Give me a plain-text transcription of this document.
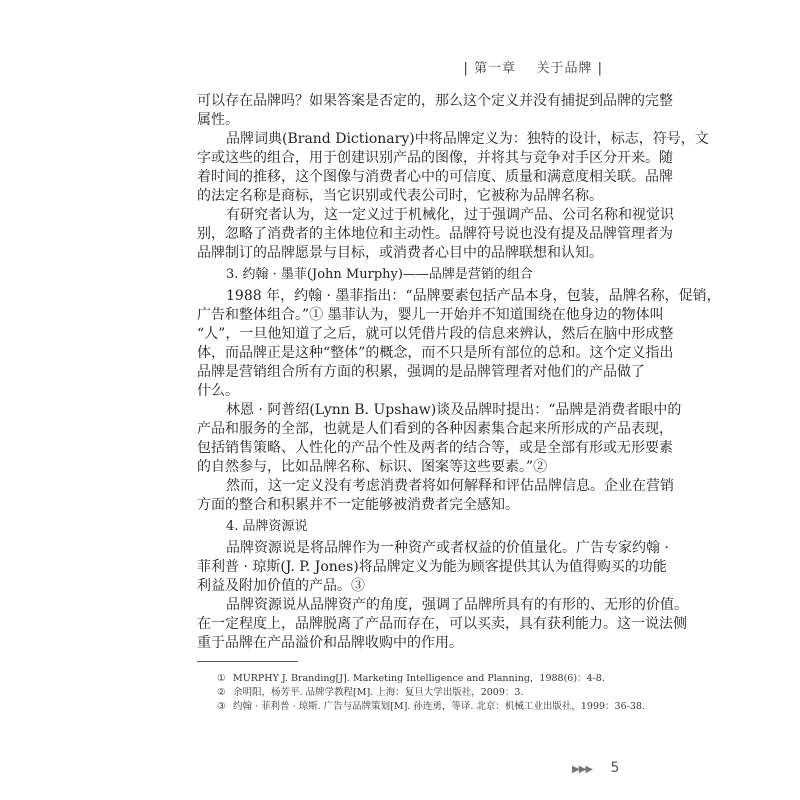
| 第一章    关于品牌 |
可以存在品牌吗？如果答案是否定的，那么这个定义并没有捕捉到品牌的完整
属性。
品牌词典(Brand Dictionary)中将品牌定义为：独特的设计，标志，符号，文
字或这些的组合，用于创建识别产品的图像，并将其与竞争对手区分开来。随
着时间的推移，这个图像与消费者心中的可信度、质量和满意度相关联。品牌
的法定名称是商标，当它识别或代表公司时，它被称为品牌名称。
有研究者认为，这一定义过于机械化，过于强调产品、公司名称和视觉识
别，忽略了消费者的主体地位和主动性。品牌符号说也没有提及品牌管理者为
品牌制订的品牌愿景与目标，或消费者心目中的品牌联想和认知。
3. 约翰 · 墨菲(John Murphy)——品牌是营销的组合
1988 年，约翰 · 墨菲指出：“品牌要素包括产品本身，包装，品牌名称，促销，
广告和整体组合。”① 墨菲认为，婴儿一开始并不知道围绕在他身边的物体叫
“人”，一旦他知道了之后，就可以凭借片段的信息来辨认，然后在脑中形成整
体，而品牌正是这种“整体”的概念，而不只是所有部位的总和。这个定义指出
品牌是营销组合所有方面的积累，强调的是品牌管理者对他们的产品做了
什么。
林恩 · 阿普绍(Lynn B. Upshaw)谈及品牌时提出：“品牌是消费者眼中的
产品和服务的全部，也就是人们看到的各种因素集合起来所形成的产品表现，
包括销售策略、人性化的产品个性及两者的结合等，或是全部有形或无形要素
的自然参与，比如品牌名称、标识、图案等这些要素。”②
然而，这一定义没有考虑消费者将如何解释和评估品牌信息。企业在营销
方面的整合和积累并不一定能够被消费者完全感知。
4. 品牌资源说
品牌资源说是将品牌作为一种资产或者权益的价值量化。广告专家约翰 ·
菲利普 · 琼斯(J. P. Jones)将品牌定义为能为顾客提供其认为值得购买的功能
利益及附加价值的产品。③
品牌资源说从品牌资产的角度，强调了品牌所具有的有形的、无形的价值。
在一定程度上，品牌脱离了产品而存在，可以买卖，具有获利能力。这一说法侧
重于品牌在产品溢价和品牌收购中的作用。
① MURPHY J. Branding[J]. Marketing Intelligence and Planning，1988(6)：4-8.
② 余明阳，杨芳平. 品牌学教程[M]. 上海：复旦大学出版社，2009：3.
③ 约翰 · 菲利普 · 琼斯. 广告与品牌策划[M]. 孙连勇，等译. 北京：机械工业出版社，1999：36-38.
▶▶▶ 5
